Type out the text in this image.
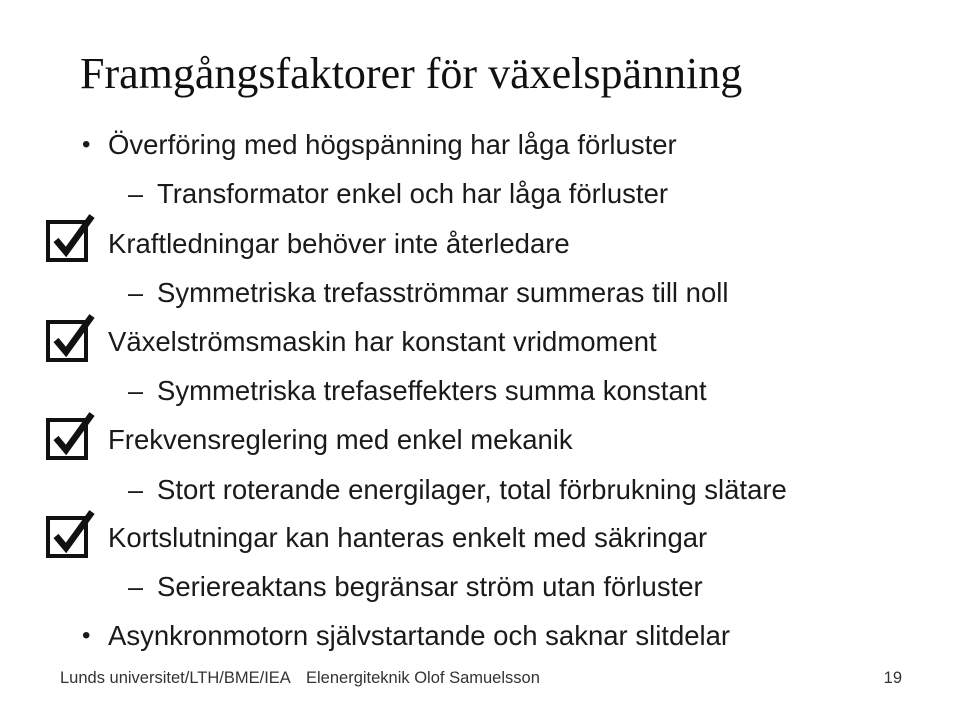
Framgångsfaktorer för växelspänning
• Överföring med högspänning har låga förluster
– Transformator enkel och har låga förluster
Kraftledningar behöver inte återledare
– Symmetriska trefasströmmar summeras till noll
Växelströmsmaskin har konstant vridmoment
– Symmetriska trefaseffekters summa konstant
Frekvensreglering med enkel mekanik
– Stort roterande energilager, total förbrukning slätare
Kortslutningar kan hanteras enkelt med säkringar
– Seriereaktans begränsar ström utan förluster
• Asynkronmotorn självstartande och saknar slitdelar
Lunds universitet/LTH/BME/IEA Elenergiteknik Olof Samuelsson	19
